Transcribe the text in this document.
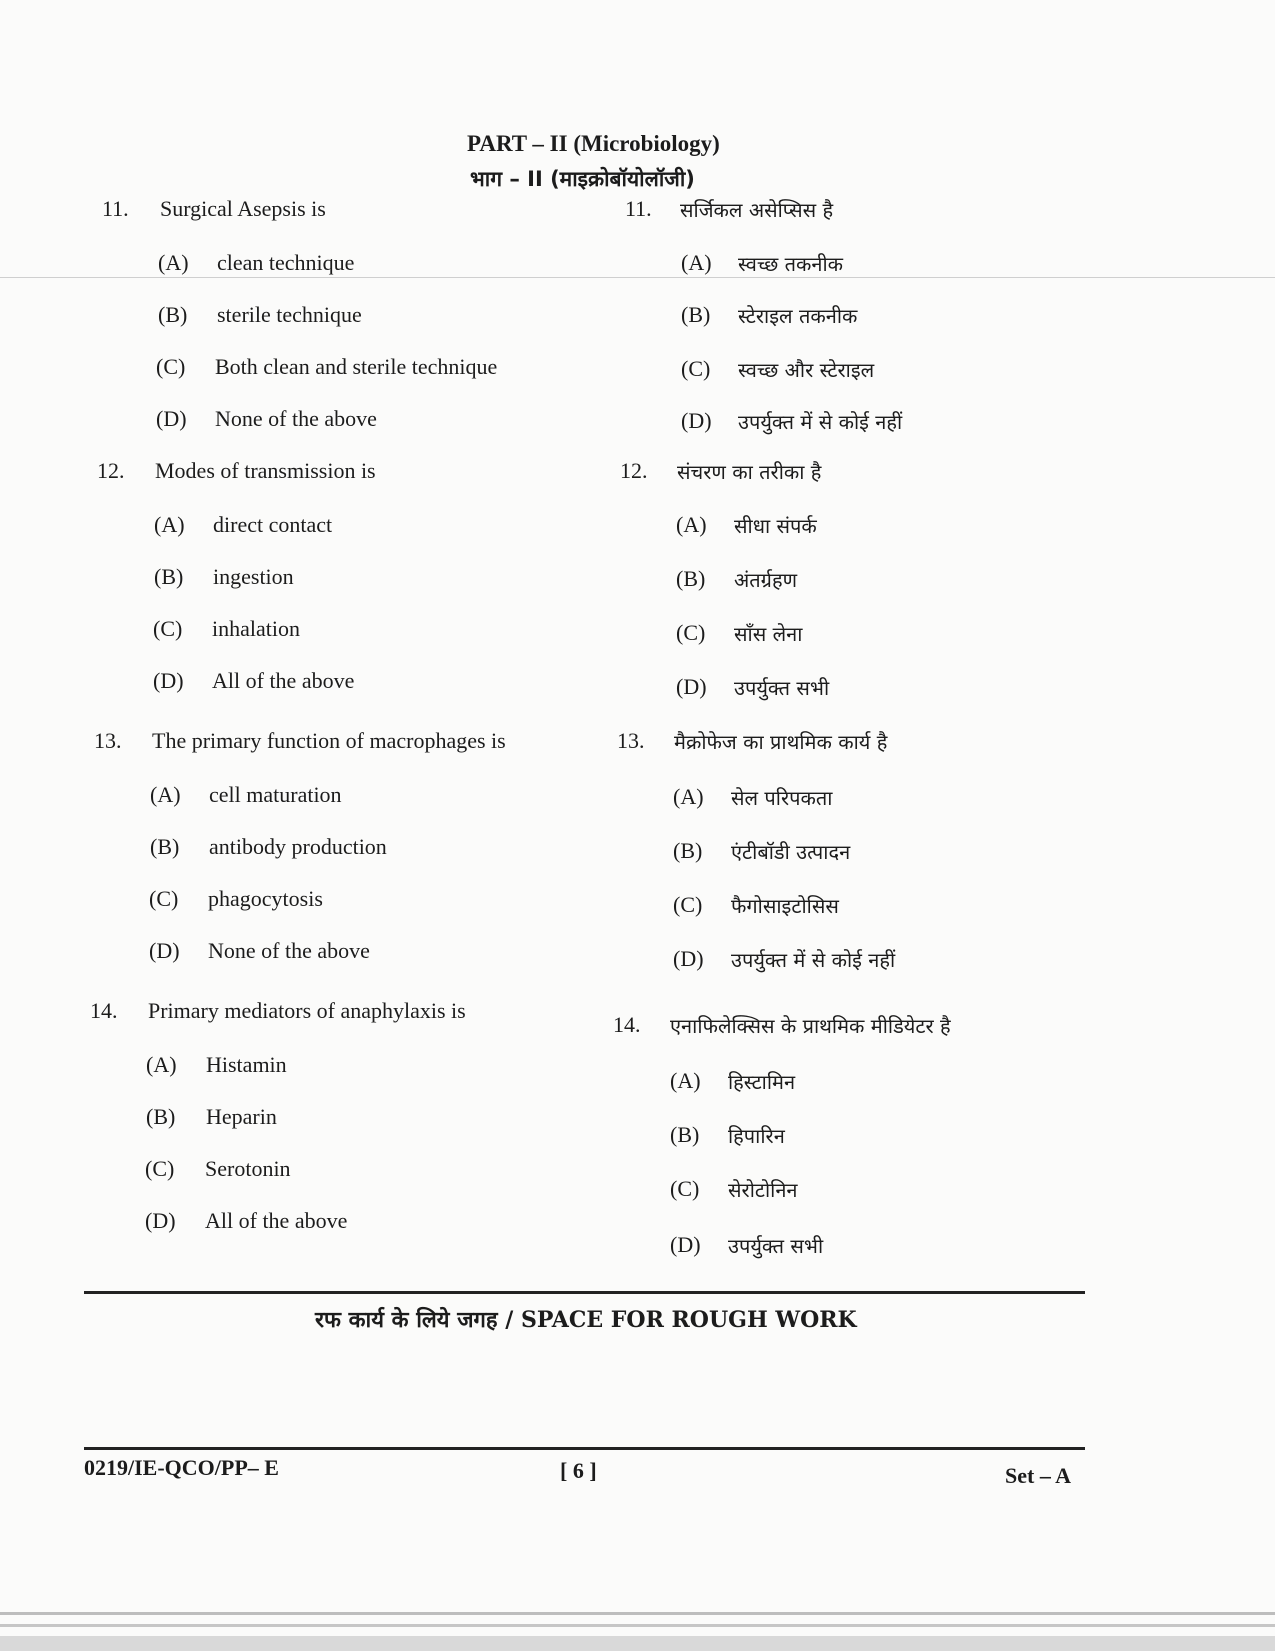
PART – II (Microbiology)
भाग – II (माइक्रोबॉयोलॉजी)
11. Surgical Asepsis is
(A) clean technique
(B) sterile technique
(C) Both clean and sterile technique
(D) None of the above
11. सर्जिकल असेप्सिस है
(A) स्वच्छ तकनीक
(B) स्टेराइल तकनीक
(C) स्वच्छ और स्टेराइल
(D) उपर्युक्त में से कोई नहीं
12. Modes of transmission is
(A) direct contact
(B) ingestion
(C) inhalation
(D) All of the above
12. संचरण का तरीका है
(A) सीधा संपर्क
(B) अंतर्ग्रहण
(C) साँस लेना
(D) उपर्युक्त सभी
13. The primary function of macrophages is
(A) cell maturation
(B) antibody production
(C) phagocytosis
(D) None of the above
13. मैक्रोफेज का प्राथमिक कार्य है
(A) सेल परिपकता
(B) एंटीबॉडी उत्पादन
(C) फैगोसाइटोसिस
(D) उपर्युक्त में से कोई नहीं
14. Primary mediators of anaphylaxis is
(A) Histamin
(B) Heparin
(C) Serotonin
(D) All of the above
14. एनाफिलेक्सिस के प्राथमिक मीडियेटर है
(A) हिस्टामिन
(B) हिपारिन
(C) सेरोटोनिन
(D) उपर्युक्त सभी
रफ कार्य के लिये जगह / SPACE FOR ROUGH WORK
0219/IE-QCO/PP– E	[ 6 ]	Set – A
